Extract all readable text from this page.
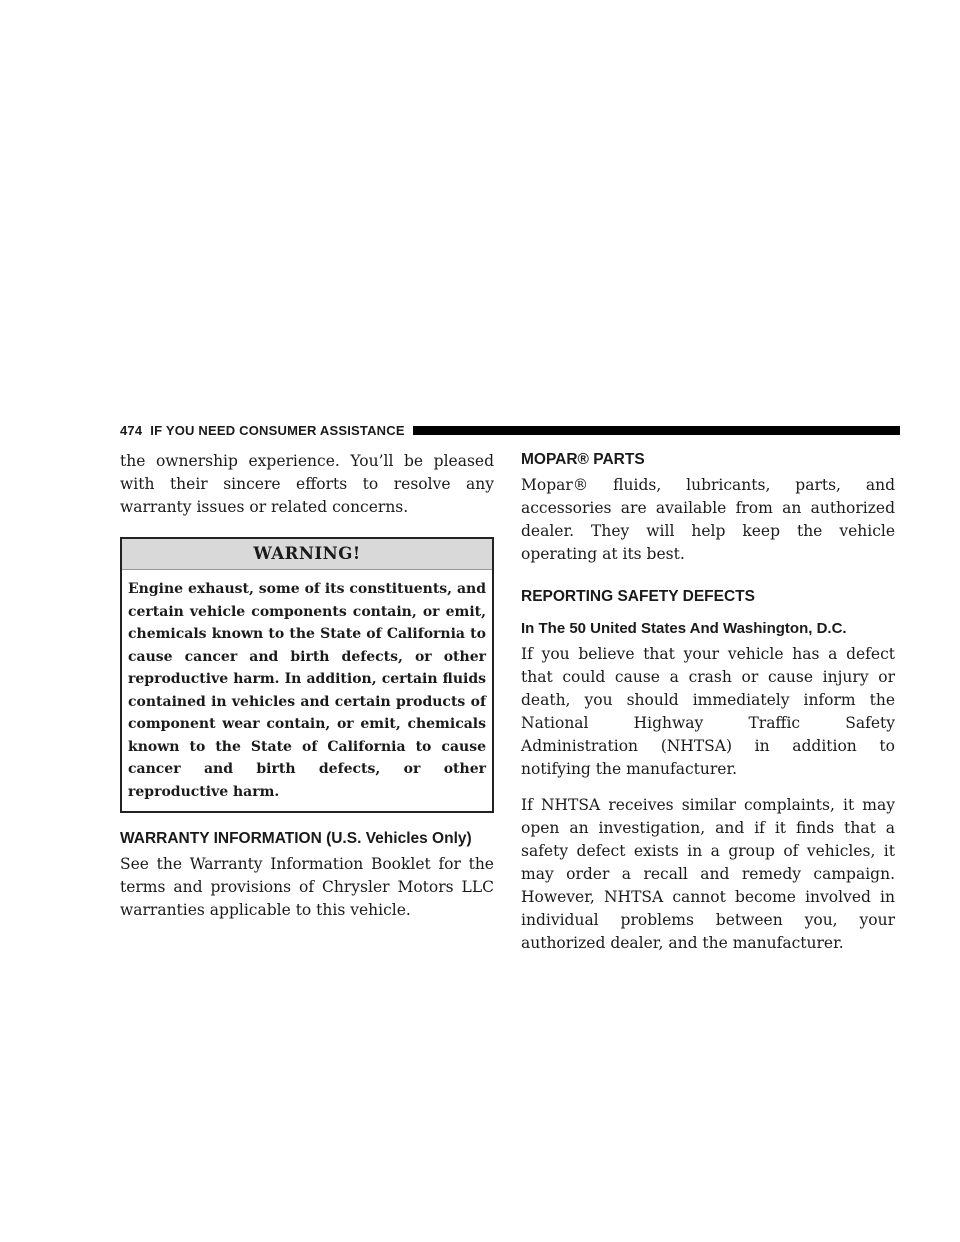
474 IF YOU NEED CONSUMER ASSISTANCE

the ownership experience. You’ll be pleased with their sincere efforts to resolve any warranty issues or related concerns.

WARNING!
Engine exhaust, some of its constituents, and certain vehicle components contain, or emit, chemicals known to the State of California to cause cancer and birth defects, or other reproductive harm. In addition, certain fluids contained in vehicles and certain products of component wear contain, or emit, chemicals known to the State of California to cause cancer and birth defects, or other reproductive harm.
WARRANTY INFORMATION (U.S. Vehicles Only)

See the Warranty Information Booklet for the terms and provisions of Chrysler Motors LLC warranties applicable to this vehicle.

MOPAR® PARTS

Mopar® fluids, lubricants, parts, and accessories are available from an authorized dealer. They will help keep the vehicle operating at its best.

REPORTING SAFETY DEFECTS
In The 50 United States And Washington, D.C.

If you believe that your vehicle has a defect that could cause a crash or cause injury or death, you should immediately inform the National Highway Traffic Safety Administration (NHTSA) in addition to notifying the manufacturer.

If NHTSA receives similar complaints, it may open an investigation, and if it finds that a safety defect exists in a group of vehicles, it may order a recall and remedy campaign. However, NHTSA cannot become involved in individual problems between you, your authorized dealer, and the manufacturer.
